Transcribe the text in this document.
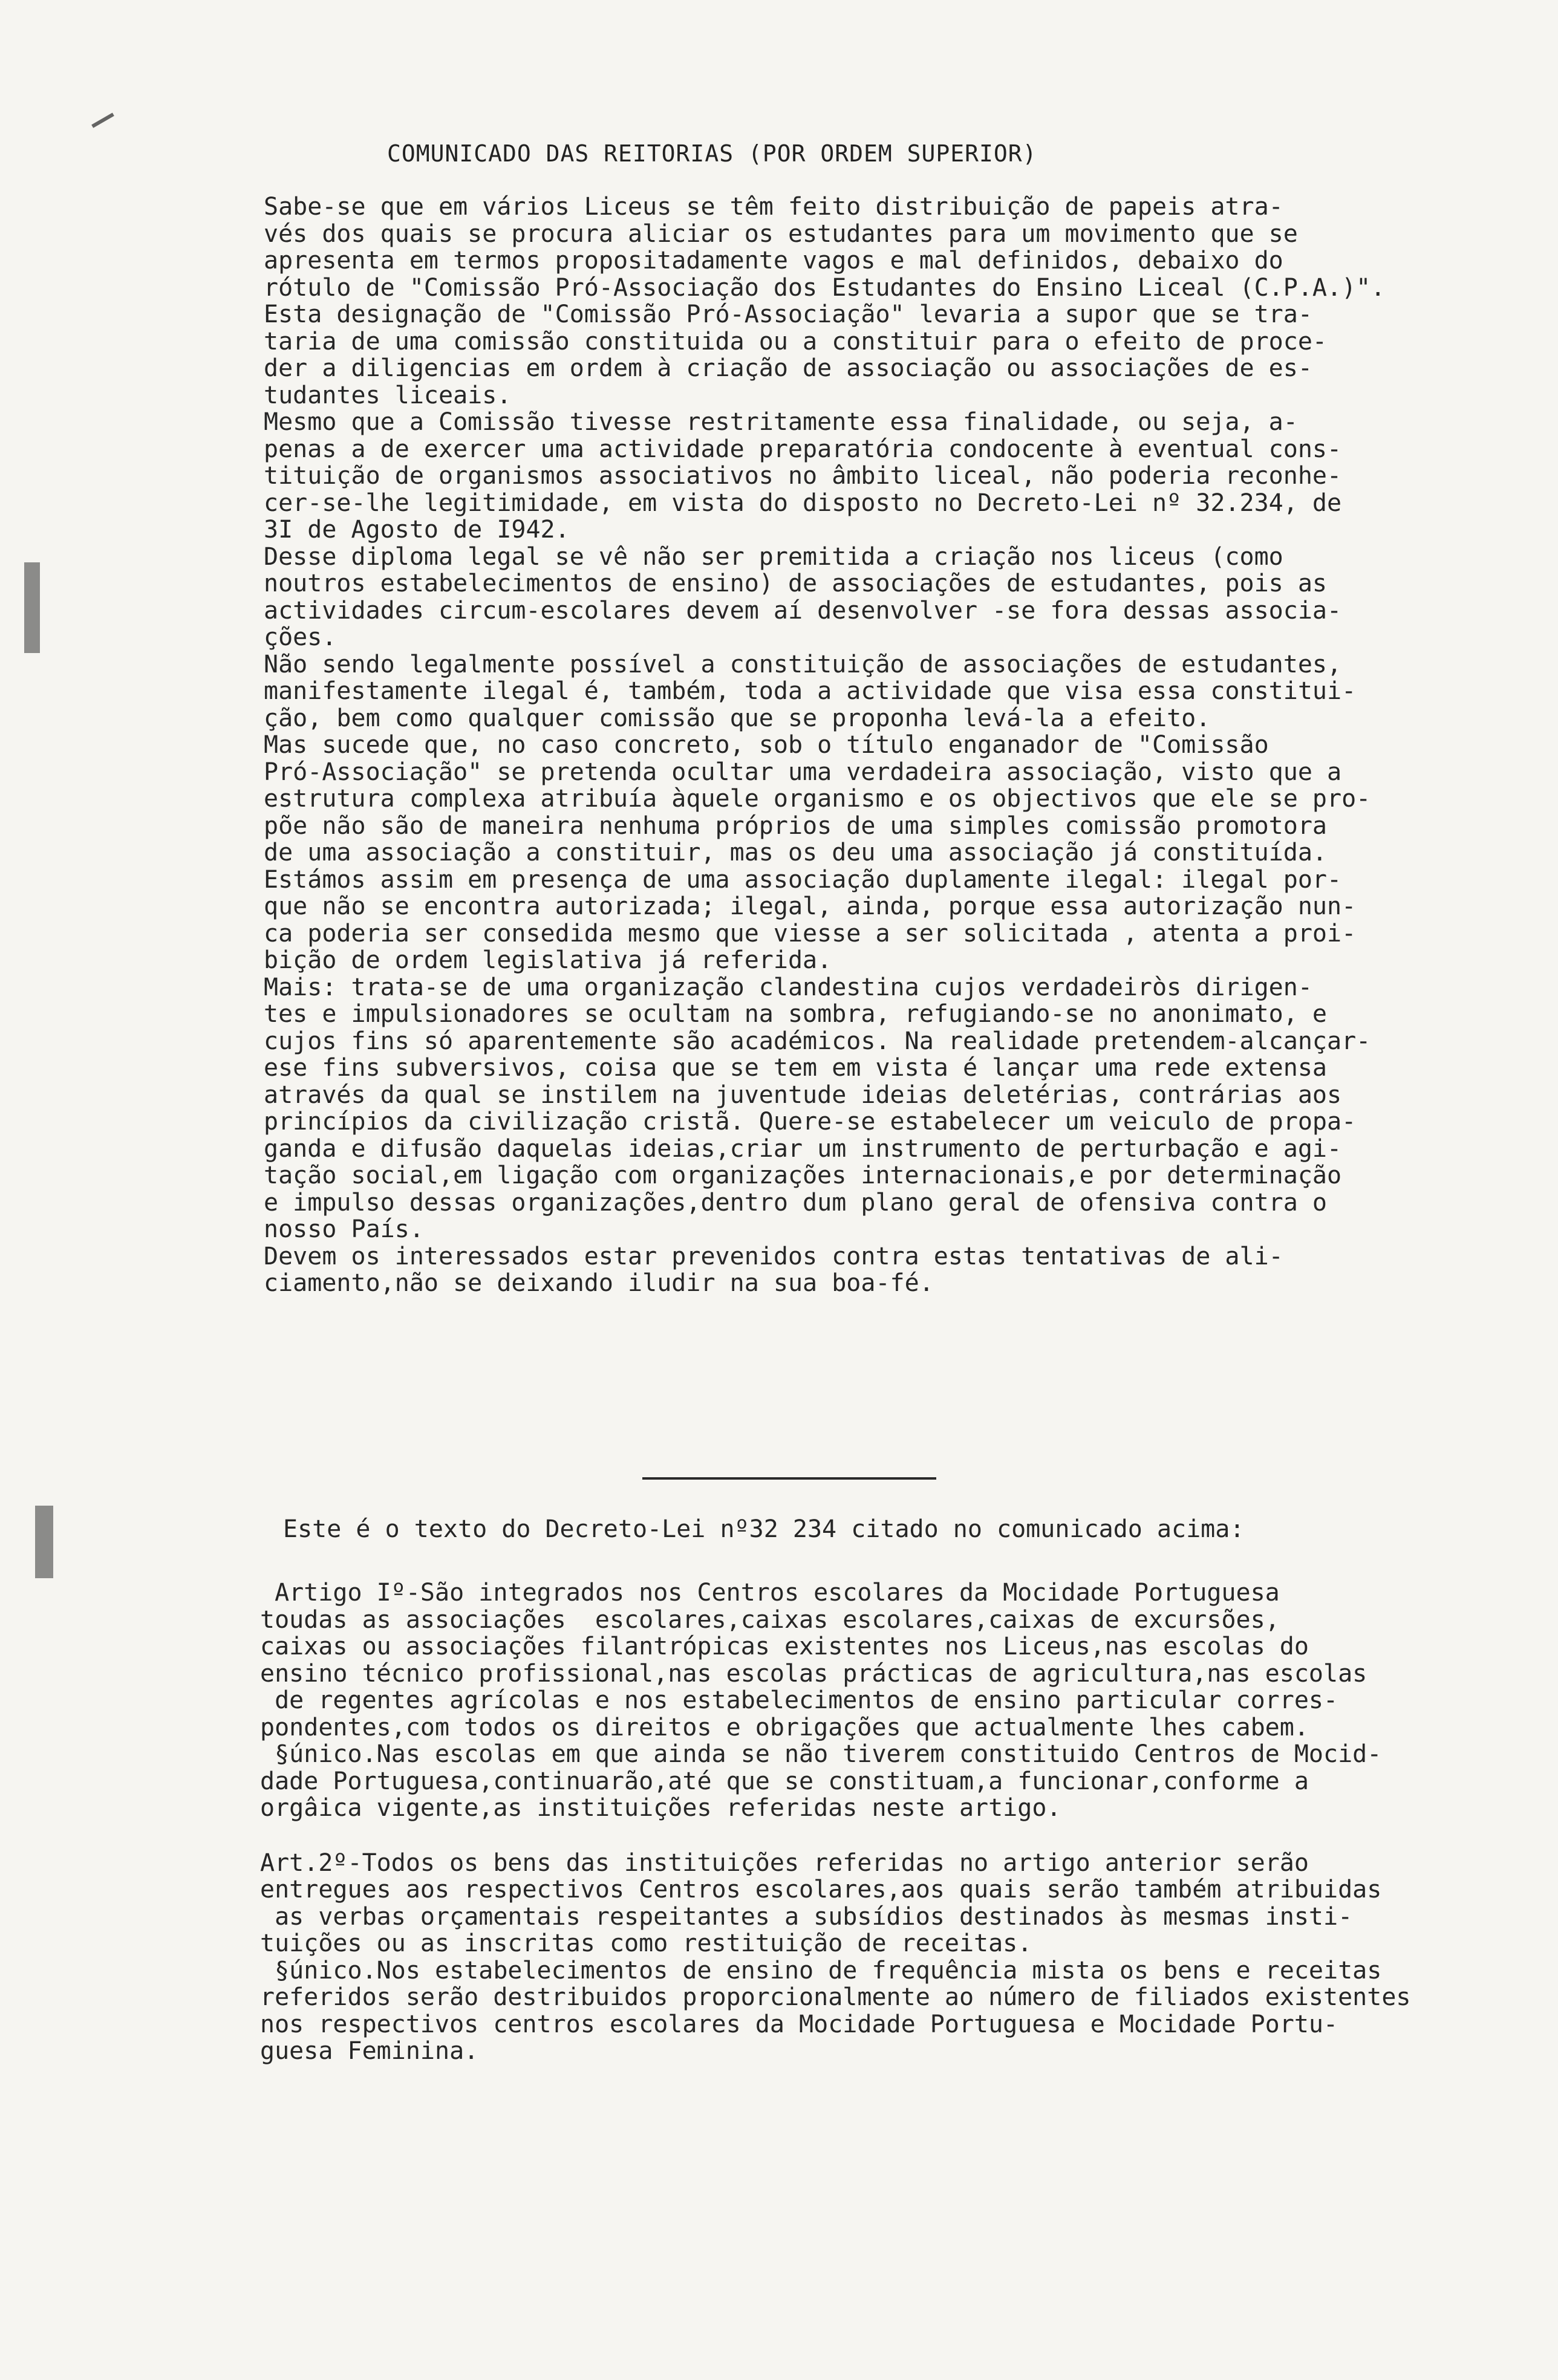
COMUNICADO DAS REITORIAS (POR ORDEM SUPERIOR)
Sabe-se que em vários Liceus se têm feito distribuição de papeis atra-
vés dos quais se procura aliciar os estudantes para um movimento que se
apresenta em termos propositadamente vagos e mal definidos, debaixo do
rótulo de "Comissão Pró-Associação dos Estudantes do Ensino Liceal (C.P.A.)".
Esta designação de "Comissão Pró-Associação" levaria a supor que se tra-
taria de uma comissão constituida ou a constituir para o efeito de proce-
der a diligencias em ordem à criação de associação ou associações de es-
tudantes liceais.
Mesmo que a Comissão tivesse restritamente essa finalidade, ou seja, a-
penas a de exercer uma actividade preparatória condocente à eventual cons-
tituição de organismos associativos no âmbito liceal, não poderia reconhe-
cer-se-lhe legitimidade, em vista do disposto no Decreto-Lei nº 32.234, de
3I de Agosto de I942.
Desse diploma legal se vê não ser premitida a criação nos liceus (como
noutros estabelecimentos de ensino) de associações de estudantes, pois as
actividades circum-escolares devem aí desenvolver -se fora dessas associa-
ções.
Não sendo legalmente possível a constituição de associações de estudantes,
manifestamente ilegal é, também, toda a actividade que visa essa constitui-
ção, bem como qualquer comissão que se proponha levá-la a efeito.
Mas sucede que, no caso concreto, sob o título enganador de "Comissão
Pró-Associação" se pretenda ocultar uma verdadeira associação, visto que a
estrutura complexa atribuía àquele organismo e os objectivos que ele se pro-
põe não são de maneira nenhuma próprios de uma simples comissão promotora
de uma associação a constituir, mas os deu uma associação já constituída.
Estámos assim em presença de uma associação duplamente ilegal: ilegal por-
que não se encontra autorizada; ilegal, ainda, porque essa autorização nun-
ca poderia ser consedida mesmo que viesse a ser solicitada , atenta a proi-
bição de ordem legislativa já referida.
Mais: trata-se de uma organização clandestina cujos verdadeiròs dirigen-
tes e impulsionadores se ocultam na sombra, refugiando-se no anonimato, e
cujos fins só aparentemente são académicos. Na realidade pretendem-alcançar-
ese fins subversivos, coisa que se tem em vista é lançar uma rede extensa
através da qual se instilem na juventude ideias deletérias, contrárias aos
princípios da civilização cristã. Quere-se estabelecer um veiculo de propa-
ganda e difusão daquelas ideias,criar um instrumento de perturbação e agi-
tação social,em ligação com organizações internacionais,e por determinação
e impulso dessas organizações,dentro dum plano geral de ofensiva contra o
nosso País.
Devem os interessados estar prevenidos contra estas tentativas de ali-
ciamento,não se deixando iludir na sua boa-fé.
Este é o texto do Decreto-Lei nº32 234 citado no comunicado acima:
Artigo Iº-São integrados nos Centros escolares da Mocidade Portuguesa
toudas as associações  escolares,caixas escolares,caixas de excursões,
caixas ou associações filantrópicas existentes nos Liceus,nas escolas do
ensino técnico profissional,nas escolas prácticas de agricultura,nas escolas
de regentes agrícolas e nos estabelecimentos de ensino particular corres-
pondentes,com todos os direitos e obrigações que actualmente lhes cabem.
§único.Nas escolas em que ainda se não tiverem constituido Centros de Mocid-
dade Portuguesa,continuarão,até que se constituam,a funcionar,conforme a
orgâica vigente,as instituições referidas neste artigo.
Art.2º-Todos os bens das instituições referidas no artigo anterior serão
entregues aos respectivos Centros escolares,aos quais serão também atribuidas
as verbas orçamentais respeitantes a subsídios destinados às mesmas insti-
tuições ou as inscritas como restituição de receitas.
§único.Nos estabelecimentos de ensino de frequência mista os bens e receitas
referidos serão destribuidos proporcionalmente ao número de filiados existentes
nos respectivos centros escolares da Mocidade Portuguesa e Mocidade Portu-
guesa Feminina.
